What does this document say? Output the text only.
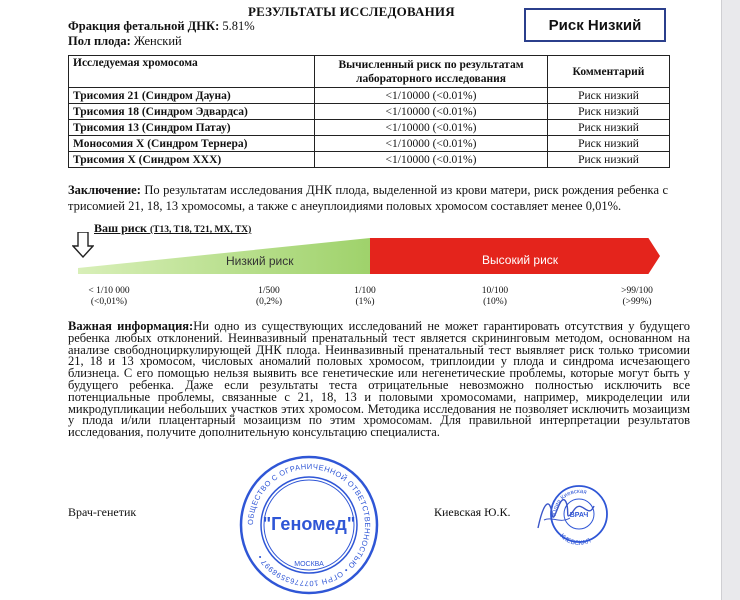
РЕЗУЛЬТАТЫ ИССЛЕДОВАНИЯ
Фракция фетальной ДНК: 5.81%
Пол плода: Женский
Риск Низкий
Исследуемая хромосома	Вычисленный риск по результатам лабораторного исследования	Комментарий
Трисомия 21 (Синдром Дауна)	<1/10000 (<0.01%)	Риск низкий
Трисомия 18 (Синдром Эдвардса)	<1/10000 (<0.01%)	Риск низкий
Трисомия 13 (Синдром Патау)	<1/10000 (<0.01%)	Риск низкий
Моносомия Х (Синдром Тернера)	<1/10000 (<0.01%)	Риск низкий
Трисомия Х (Синдром ХХХ)	<1/10000 (<0.01%)	Риск низкий
Заключение: По результатам исследования ДНК плода, выделенной из крови матери, риск рождения ребенка с трисомией 21, 18, 13 хромосомы, а также с анеуплоидиями половых хромосом составляет менее 0,01%.
Ваш риск (T13, T18, T21, MX, TX)
Низкий риск	Высокий риск
< 1/10 000
(<0,01%)
1/500
(0,2%)
1/100
(1%)
10/100
(10%)
>99/100
(>99%)
Важная информация:Ни одно из существующих исследований не может гарантировать отсутствия у будущего ребенка любых отклонений. Неинвазивный пренатальный тест является скрининговым методом, основанном на анализе свободноциркулирующей ДНК плода. Неинвазивный пренатальный тест выявляет риск только трисомии 21, 18 и 13 хромосом, числовых аномалий половых хромосом, триплоидии у плода и синдрома исчезающего близнеца. С его помощью нельзя выявить все генетические или негенетические проблемы, которые могут быть у будущего ребенка. Даже если результаты теста отрицательные невозможно полностью исключить все потенциальные проблемы, связанные с 21, 18, 13 и половыми хромосомами, например, микроделеции или микродупликации небольших участков этих хромосом. Методика исследования не позволяет исключить мозаицизм у плода и/или плацентарный мозаицизм по этим хромосомам. Для правильной интерпретации результатов исследования, получите дополнительную консультацию специалиста.
Врач-генетик	Киевская Ю.К.
ОБЩЕСТВО С ОГРАНИЧЕННОЙ ОТВЕТСТВЕННОСТЬЮ • ОГРН 1077763598997 •
"Геномед"
МОСКВА
Юлия Киевская
КИЕВСКАЯ
ВРАЧ
